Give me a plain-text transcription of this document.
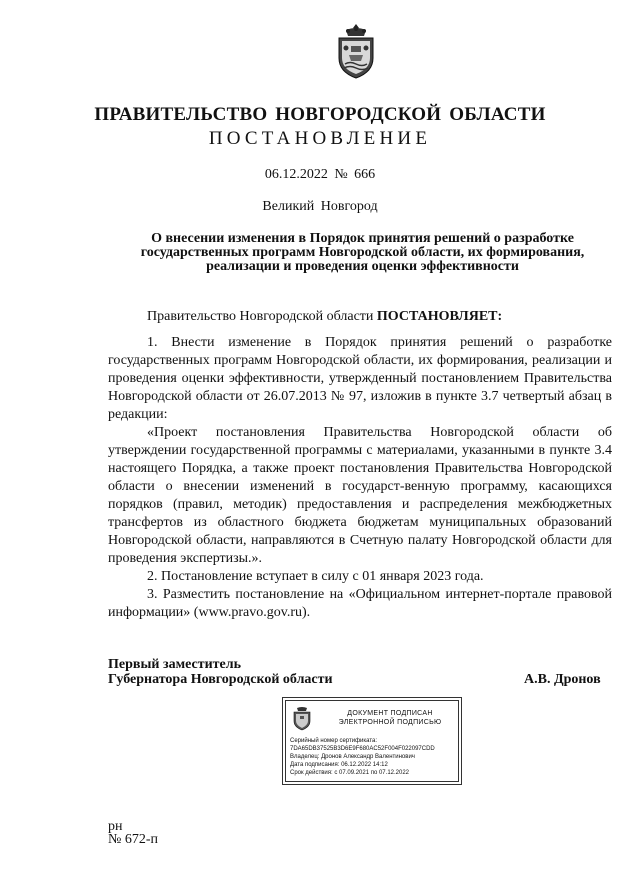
ПРАВИТЕЛЬСТВО НОВГОРОДСКОЙ ОБЛАСТИ
ПОСТАНОВЛЕНИЕ
06.12.2022 № 666
Великий Новгород
О внесении изменения в Порядок принятия решений о разработке
государственных программ Новгородской области, их формирования,
реализации и проведения оценки эффективности
Правительство Новгородской области ПОСТАНОВЛЯЕТ:

1. Внести изменение в Порядок принятия решений о разработке государственных программ Новгородской области, их формирования, реализации и проведения оценки эффективности, утвержденный постановлением Правительства Новгородской области от 26.07.2013 № 97, изложив в пункте 3.7 четвертый абзац в редакции:

«Проект постановления Правительства Новгородской области об утверждении государственной программы с материалами, указанными в пункте 3.4 настоящего Порядка, а также проект постановления Правительства Новгородской области о внесении изменений в государст-венную программу, касающихся порядков (правил, методик) предоставления и распределения межбюджетных трансфертов из областного бюджета бюджетам муниципальных образований Новгородской области, направляются в Счетную палату Новгородской области для проведения экспертизы.».

2. Постановление вступает в силу с 01 января 2023 года.

3. Разместить постановление на «Официальном интернет-портале правовой информации» (www.pravo.gov.ru).

Первый заместитель
Губернатора Новгородской области	А.В. Дронов
ДОКУМЕНТ ПОДПИСАН
ЭЛЕКТРОННОЙ ПОДПИСЬЮ
Серийный номер сертификата:
7DA65DB37525B3D6E9F680AC52F004F022097CDD
Владелец: Дронов Александр Валентинович
Дата подписания: 06.12.2022 14:12
Срок действия: с 07.09.2021 по 07.12.2022
рн
№ 672-п
